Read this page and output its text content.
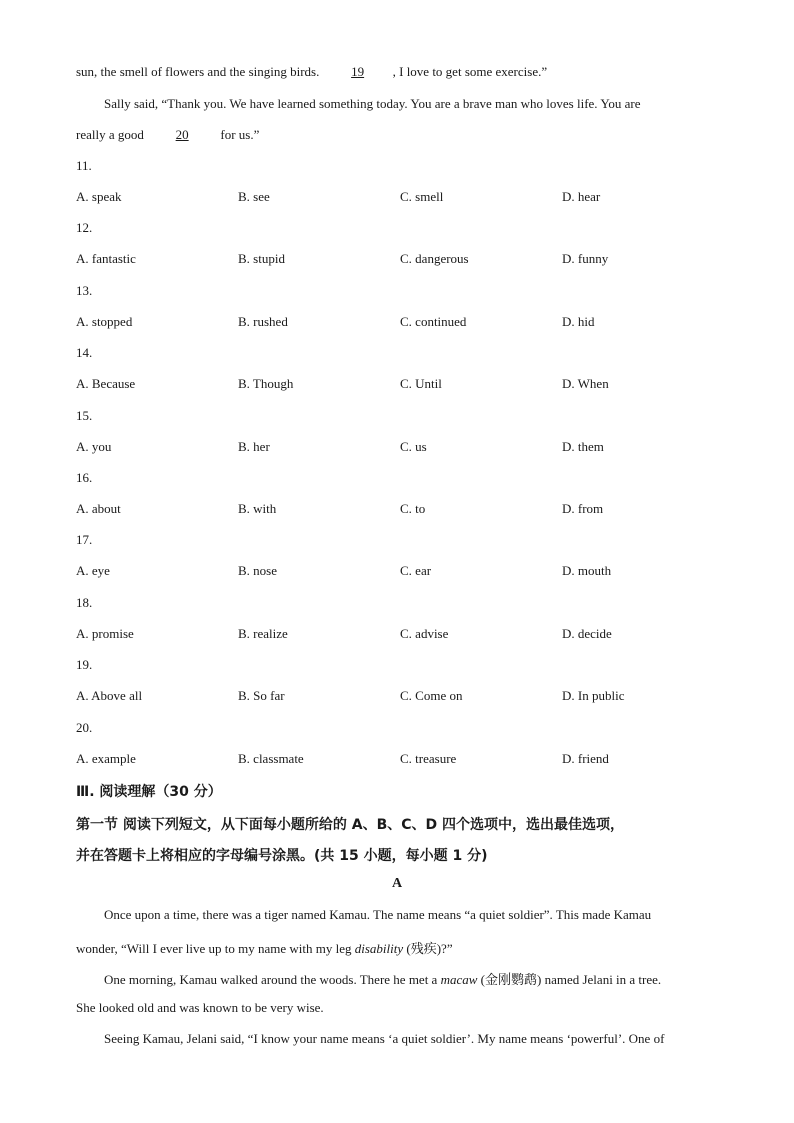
sun, the smell of flowers and the singing birds. 19 , I love to get some exercise.”
Sally said, “Thank you. We have learned something today. You are a brave man who loves life. You are
really a good 20 for us.”
11.
A. speak	B. see	C. smell	D. hear
12.
A. fantastic	B. stupid	C. dangerous	D. funny
13.
A. stopped	B. rushed	C. continued	D. hid
14.
A. Because	B. Though	C. Until	D. When
15.
A. you	B. her	C. us	D. them
16.
A. about	B. with	C. to	D. from
17.
A. eye	B. nose	C. ear	D. mouth
18.
A. promise	B. realize	C. advise	D. decide
19.
A. Above all	B. So far	C. Come on	D. In public
20.
A. example	B. classmate	C. treasure	D. friend
Ⅲ. 阅读理解（30 分）
第一节 阅读下列短文，从下面每小题所给的 A、B、C、D 四个选项中，选出最佳选项，
并在答题卡上将相应的字母编号涂黑。(共 15 小题，每小题 1 分)
A
Once upon a time, there was a tiger named Kamau. The name means “a quiet soldier”. This made Kamau
wonder, “Will I ever live up to my name with my leg disability (残疾)?”
One morning, Kamau walked around the woods. There he met a macaw (金刚鹦鹉) named Jelani in a tree.
She looked old and was known to be very wise.
Seeing Kamau, Jelani said, “I know your name means ‘a quiet soldier’. My name means ‘powerful’. One of
